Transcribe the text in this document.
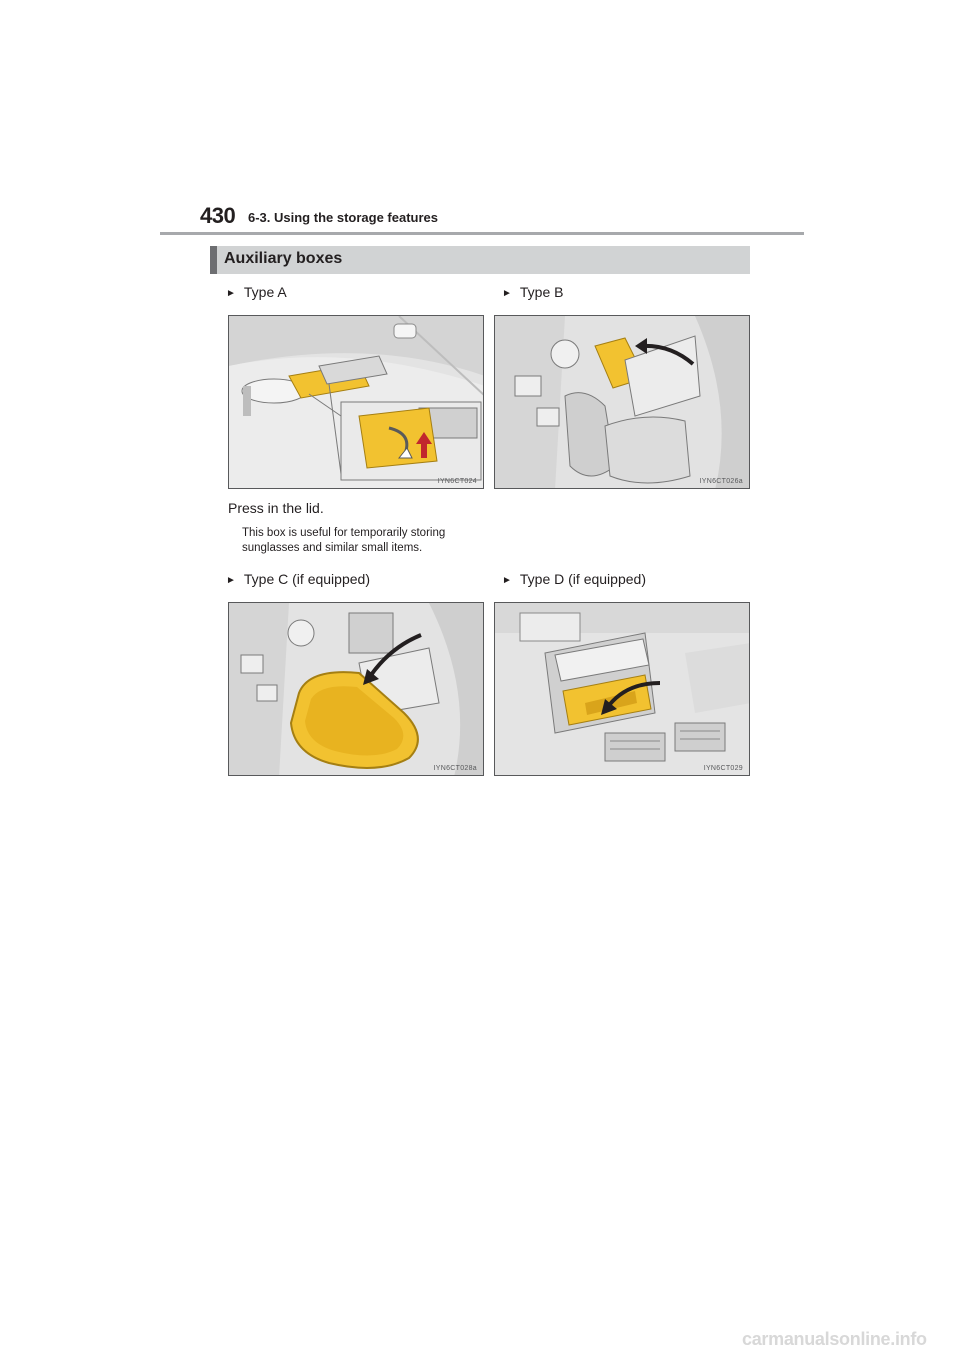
430 6-3. Using the storage features
Auxiliary boxes
► Type A	► Type B
IYN6CT024	IYN6CT026a
Press in the lid.
This box is useful for temporarily storing sunglasses and similar small items.
► Type C (if equipped)	► Type D (if equipped)
IYN6CT028a	IYN6CT029
carmanualsonline.info
